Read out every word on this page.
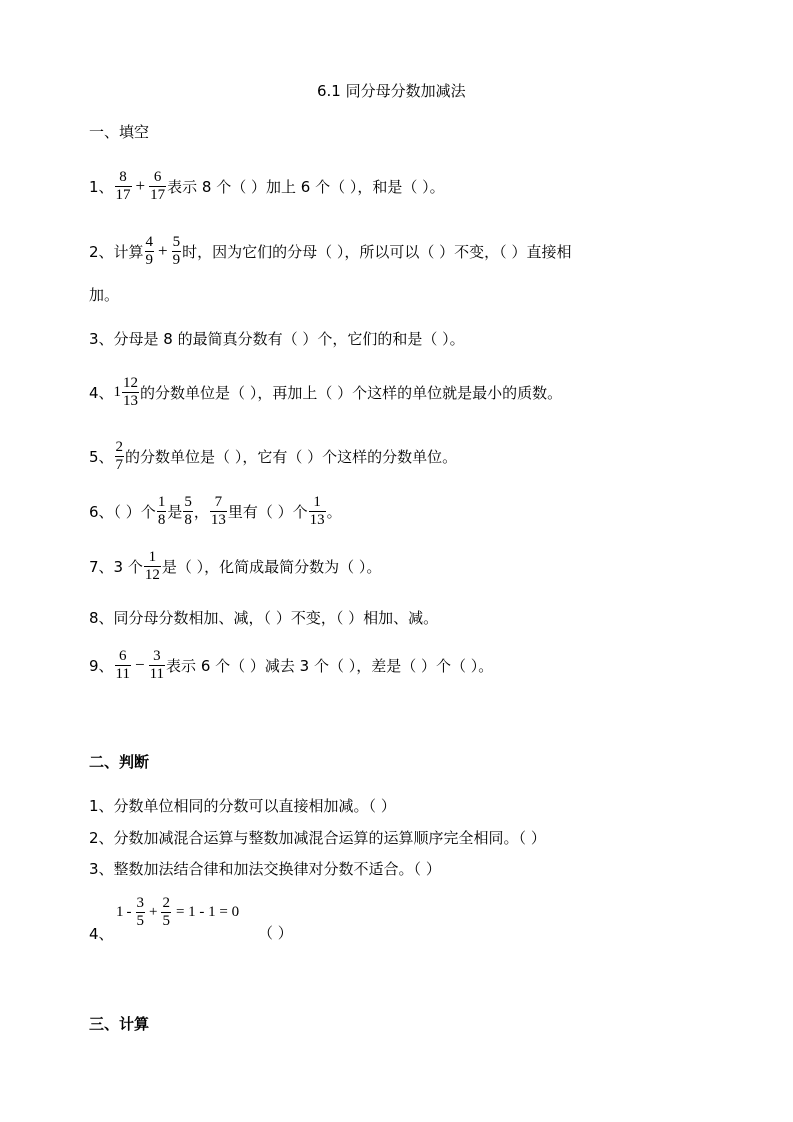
6.1 同分母分数加减法
一、填空
1、 $\frac{8}{17} + \frac{6}{17}$ 表示 8 个（ ）加上 6 个（ ），和是（ ）。
2、计算 $\frac{4}{9} + \frac{5}{9}$ 时，因为它们的分母（ ），所以可以（ ）不变，（ ）直接相
加。
3、分母是 8 的最简真分数有（ ）个，它们的和是（ ）。
4、 $1 \frac{12}{13}$ 的分数单位是（ ），再加上（ ）个这样的单位就是最小的质数。
5、 $\frac{2}{7}$ 的分数单位是（ ），它有（ ）个这样的分数单位。
6、（ ）个 $\frac{1}{8}$ 是 $\frac{5}{8}$ ， $\frac{7}{13}$ 里有（ ）个 $\frac{1}{13}$ 。
7、3 个 $\frac{1}{12}$ 是（ ），化简成最简分数为（ ）。
8、同分母分数相加、减，（ ）不变，（ ）相加、减。
9、 $\frac{6}{11} - \frac{3}{11}$ 表示 6 个（ ）减去 3 个（ ），差是（ ）个（ ）。
二、判断
1、分数单位相同的分数可以直接相加减。（ ）
2、分数加减混合运算与整数加减混合运算的运算顺序完全相同。（ ）
3、整数加法结合律和加法交换律对分数不适合。（ ）
4、
$1 - \frac{3}{5} + \frac{2}{5} = 1 - 1 = 0$
（ ）
三、计算
